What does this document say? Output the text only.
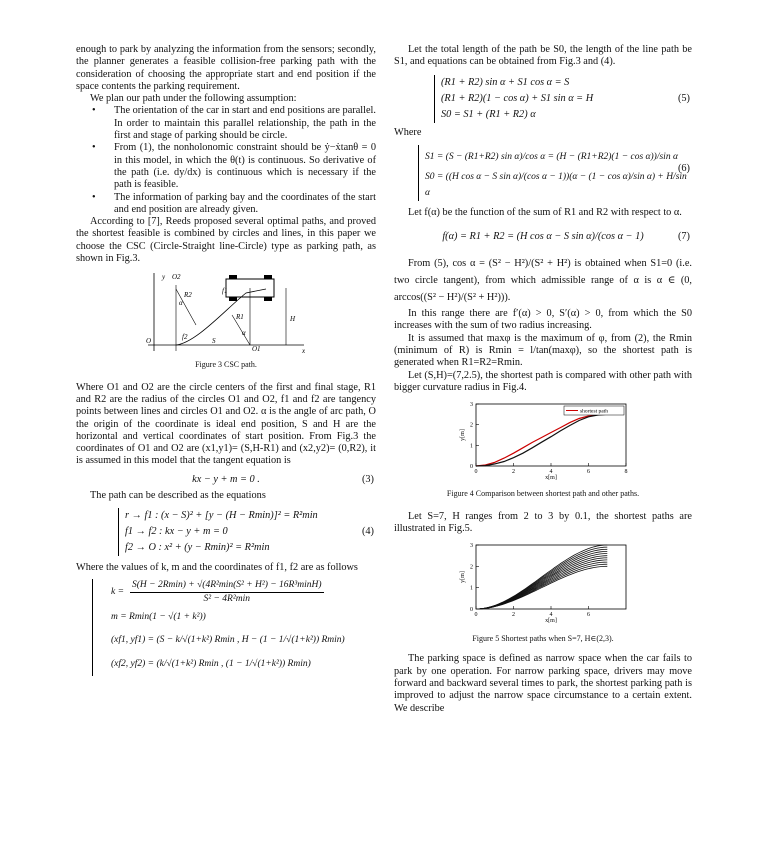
enough to park by analyzing the information from the sensors; secondly, the planner generates a feasible collision-free parking path with the consideration of choosing the appropriate start and end position if the space contents the parking requirement.

We plan our path under the following assumption:

• The orientation of the car in start and end positions are parallel. In order to maintain this parallel relationship, the path in the first and stage of parking should be circle.
• From (1), the nonholonomic constraint should be ẏ−ẋtanθ = 0 in this model, in which the θ(t) is continuous. So derivative of the path (i.e. dy/dx) is continuous which is necessary if the path is feasible.
• The information of parking bay and the coordinates of the start and end position are already given.

According to [7], Reeds proposed several optimal paths, and proved the shortest feasible is combined by circles and lines, in this paper we choose the CSC (Circle-Straight line-Circle) type as parking path, as shown in Fig.3.

y O2
R2	f1
R1	H
f2	S
O
O1	x
α
α
Figure 3 CSC path.

Where O1 and O2 are the circle centers of the first and final stage, R1 and R2 are the radius of the circles O1 and O2, f1 and f2 are tangency points between lines and circles O1 and O2. α is the angle of arc path, O the origin of the coordinate is ideal end position, S and H are the horizontal and vertical coordinates of start position. From Fig.3 the coordinates of O1 and O2 are (x1,y1)= (S,H-R1) and (x2,y2)= (0,R2), it is assumed in this model that the tangent equation is

kx − y + m = 0 .	(3)

The path can be described as the equations

r → f1 : (x − S)² + [y − (H − Rmin)]² = R²min
f1 → f2 : kx − y + m = 0
f2 → O : x² + (y − Rmin)² = R²min
(4)

Where the values of k, m and the coordinates of f1, f2 are as follows

k =
S(H − 2Rmin) + √(4R²min(S² + H²) − 16R³minH)
S² − 4R²min
m = Rmin(1 − √(1 + k²))
(xf1, yf1) = (S − k/√(1+k²) Rmin , H − (1 − 1/√(1+k²)) Rmin)
(xf2, yf2) = (k/√(1+k²) Rmin , (1 − 1/√(1+k²)) Rmin)

Let the total length of the path be S0, the length of the line path be S1, and equations can be obtained from Fig.3 and (4).

(R1 + R2) sin α + S1 cos α = S
(R1 + R2)(1 − cos α) + S1 sin α = H
S0 = S1 + (R1 + R2) α
(5)

Where

S1 = (S − (R1+R2) sin α)/cos α = (H − (R1+R2)(1 − cos α))/sin α
S0 = ((H cos α − S sin α)/(cos α − 1))(α − (1 − cos α)/sin α) + H/sin α
(6)

Let f(α) be the function of the sum of R1 and R2 with respect to α.

f(α) = R1 + R2 = (H cos α − S sin α)/(cos α − 1)	(7)

From (5), cos α = (S² − H²)/(S² + H²) is obtained when S1=0 (i.e. two circle tangent), from which admissible range of α is α ∈ (0, arccos((S² − H²)/(S² + H²))).

In this range there are f′(α) > 0, S′(α) > 0, from which the S0 increases with the sum of two radius increasing.

It is assumed that maxφ is the maximum of φ, from (2), the Rmin (minimum of R) is Rmin = l/tan(maxφ), so the shortest path is generated when R1=R2=Rmin.

Let (S,H)=(7,2.5), the shortest path is compared with other path with bigger curvature radius in Fig.4.

0	2	4	6	8
0
1
2
3
x[m]
y[m]
shortest path
Figure 4 Comparison between shortest path and other paths.

Let S=7, H ranges from 2 to 3 by 0.1, the shortest paths are illustrated in Fig.5.

0	2	4	6
0
1
2
3
x[m]
y[m]
Figure 5 Shortest paths when S=7, H∈(2,3).

The parking space is defined as narrow space when the car fails to park by one operation. For narrow parking space, drivers may move forward and backward several times to park, the shortest parking path is improved to adjust the narrow space circumstance to a certain extent. We describe
